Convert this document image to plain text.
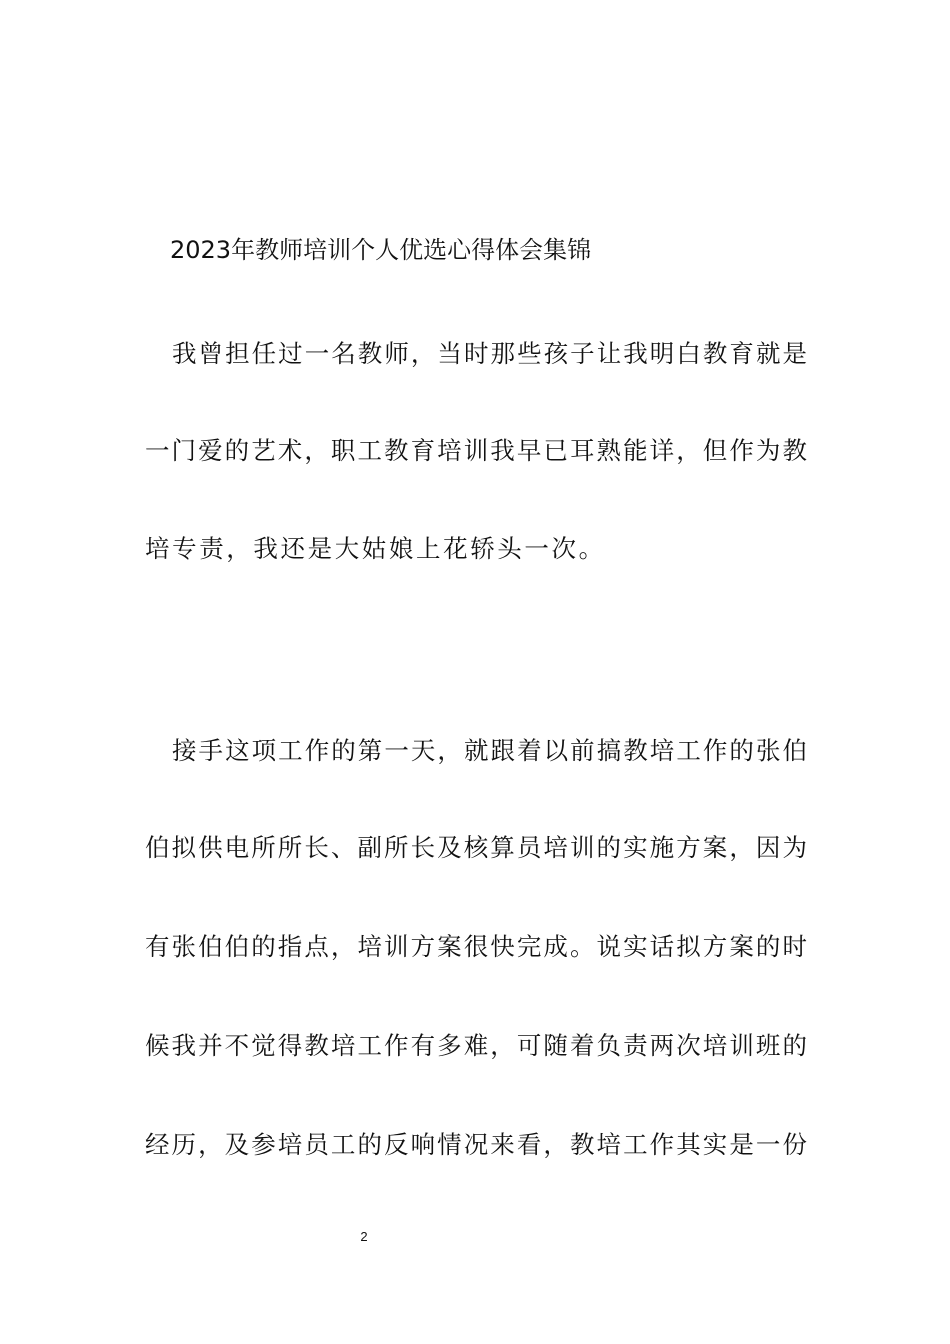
2023年教师培训个人优选心得体会集锦
我曾担任过一名教师，当时那些孩子让我明白教育就是
一门爱的艺术，职工教育培训我早已耳熟能详，但作为教
培专责，我还是大姑娘上花轿头一次。
接手这项工作的第一天，就跟着以前搞教培工作的张伯
伯拟供电所所长、副所长及核算员培训的实施方案，因为
有张伯伯的指点，培训方案很快完成。说实话拟方案的时
候我并不觉得教培工作有多难，可随着负责两次培训班的
经历，及参培员工的反响情况来看，教培工作其实是一份
2
